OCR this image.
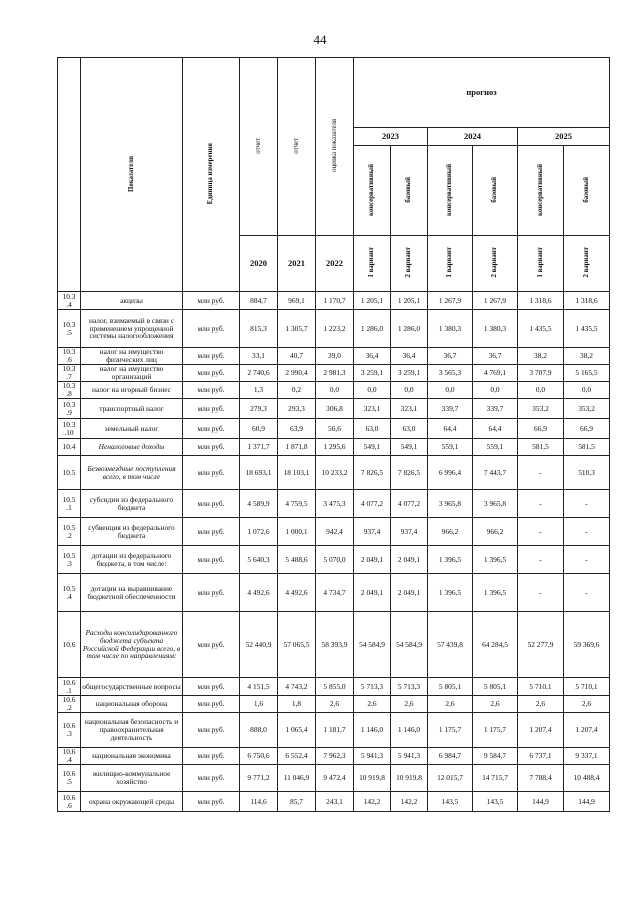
44
	Показатели	Единица измерения	отчет	отчет	оценка показателя	прогноз					
						2023		2024		2025	
						консервативный	базовый	консервативный	базовый	консервативный	базовый
			2020	2021	2022	1 вариант	2 вариант	1 вариант	2 вариант	1 вариант	2 вариант
10.3
.4	акцизы	млн руб.	884,7	969,1	1 170,7	1 205,1	1 205,1	1 267,9	1 267,9	1 318,6	1 318,6
10.3
.5	налог, взимаемый в связи с применением упрощенной системы налогообложения	млн руб.	815,3	1 305,7	1 223,2	1 286,0	1 286,0	1 380,3	1 380,3	1 435,5	1 435,5
10.3
.6	налог на имущество физических лиц	млн руб.	33,1	40,7	39,0	36,4	36,4	36,7	36,7	38,2	38,2
10.3
.7	налог на имущество организаций	млн руб.	2 740,6	2 990,4	2 981,3	3 259,1	3 259,1	3 565,3	4 769,1	3 707,9	5 165,5
10.3
.8	налог на игорный бизнес	млн руб.	1,3	0,2	0,0	0,0	0,0	0,0	0,0	0,0	0,0
10.3
.9	транспортный налог	млн руб.	279,3	293,3	306,8	323,1	323,1	339,7	339,7	353,2	353,2
10.3
.10	земельный налог	млн руб.	60,9	63,9	56,6	63,0	63,0	64,4	64,4	66,9	66,9
10.4	Неналоговые доходы	млн руб.	1 371,7	1 871,8	1 295,6	549,1	549,1	559,1	559,1	581,5	581,5
10.5	Безвозмездные поступления всего, в том числе	млн руб.	18 693,1	18 103,1	10 233,2	7 826,5	7 826,5	6 996,4	7 443,7	-	510,3
10.5
.1	субсидии из федерального бюджета	млн руб.	4 589,9	4 759,5	3 475,3	4 077,2	4 077,2	3 965,8	3 965,8	-	-
10.5
.2	субвенция из федерального бюджета	млн руб.	1 072,6	1 000,1	942,4	937,4	937,4	966,2	966,2	-	-
10.5
.3	дотации из федерального бюджета, в том числе:	млн руб.	5 640,3	5 488,6	5 070,0	2 049,1	2 049,1	1 396,5	1 396,5	-	-
10.5
.4	дотации на выравнивание бюджетной обеспеченности	млн руб.	4 492,6	4 492,6	4 734,7	2 049,1	2 049,1	1 396,5	1 396,5	-	-
10.6	Расходы консолидированного бюджета субъекта Российской Федерации всего, в том числе по направлениям:	млн руб.	52 440,9	57 065,5	58 393,9	54 584,9	54 584,9	57 439,8	64 284,5	52 277,9	59 369,6
10.6
.1	общегосударственные вопросы	млн руб.	4 151,5	4 743,2	5 855,0	5 713,3	5 713,3	5 805,1	5 805,1	5 710,1	5 710,1
10.6
.2	национальная оборона	млн руб.	1,6	1,8	2,6	2,6	2,6	2,6	2,6	2,6	2,6
10.6
.3	национальная безопасность и правоохранительная деятельность	млн руб.	888,0	1 065,4	1 181,7	1 146,0	1 146,0	1 175,7	1 175,7	1 207,4	1 207,4
10.6
.4	национальная экономика	млн руб.	6 750,6	6 552,4	7 962,3	5 941,3	5 941,3	6 984,7	9 584,7	6 737,1	9 337,1
10.6
.5	жилищно-коммунальное хозяйство	млн руб.	9 771,2	11 046,9	9 472,4	10 919,8	10 919,8	12 015,7	14 715,7	7 788,4	10 488,4
10.6
.6	охрана окружающей среды	млн руб.	114,6	85,7	243,1	142,2	142,2	143,5	143,5	144,9	144,9
